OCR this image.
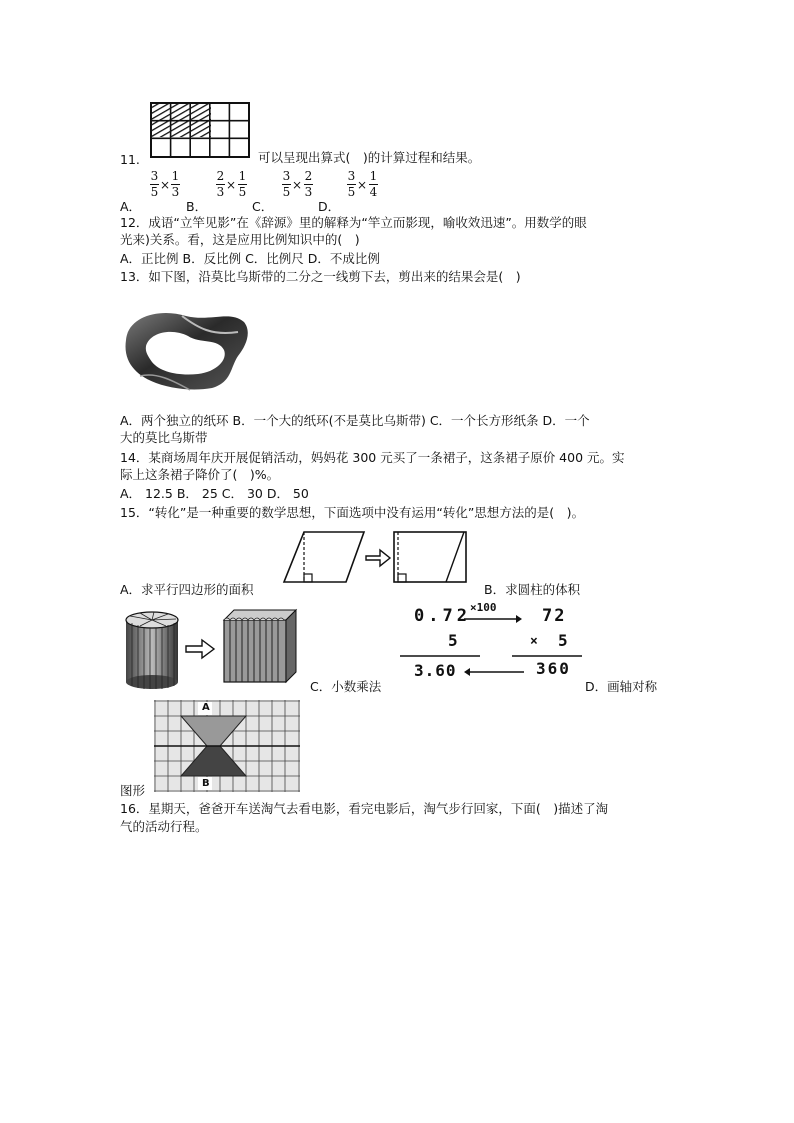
11.	可以呈现出算式(　)的计算过程和结果。
A．
3
5 ×
1
3
B．
2
3 ×
1
5
C．
3
5 ×
2
3
D．
3
5 ×
1
4
12．成语“立竿见影”在《辞源》里的解释为“竿立而影现，喻收效迅速”。用数学的眼
光来)关系。看，这是应用比例知识中的(　)
A．正比例 B．反比例 C．比例尺 D．不成比例
13．如下图，沿莫比乌斯带的二分之一线剪下去，剪出来的结果会是(　)
A．两个独立的纸环 B．一个大的纸环(不是莫比乌斯带) C．一个长方形纸条 D．一个
大的莫比乌斯带
14．某商场周年庆开展促销活动，妈妈花 300 元买了一条裙子，这条裙子原价 400 元。实
际上这条裙子降价了(　)%。
A． 12.5 B． 25 C． 30 D． 50
15．“转化”是一种重要的数学思想，下面选项中没有运用“转化”思想方法的是(　)。
A．求平行四边形的面积	B．求圆柱的体积
0.72 ×100	72
5	× 5
3.60	360
C．小数乘法	D．画轴对称
A
B
图形
16．星期天，爸爸开车送淘气去看电影，看完电影后，淘气步行回家，下面(　)描述了淘
气的活动行程。
